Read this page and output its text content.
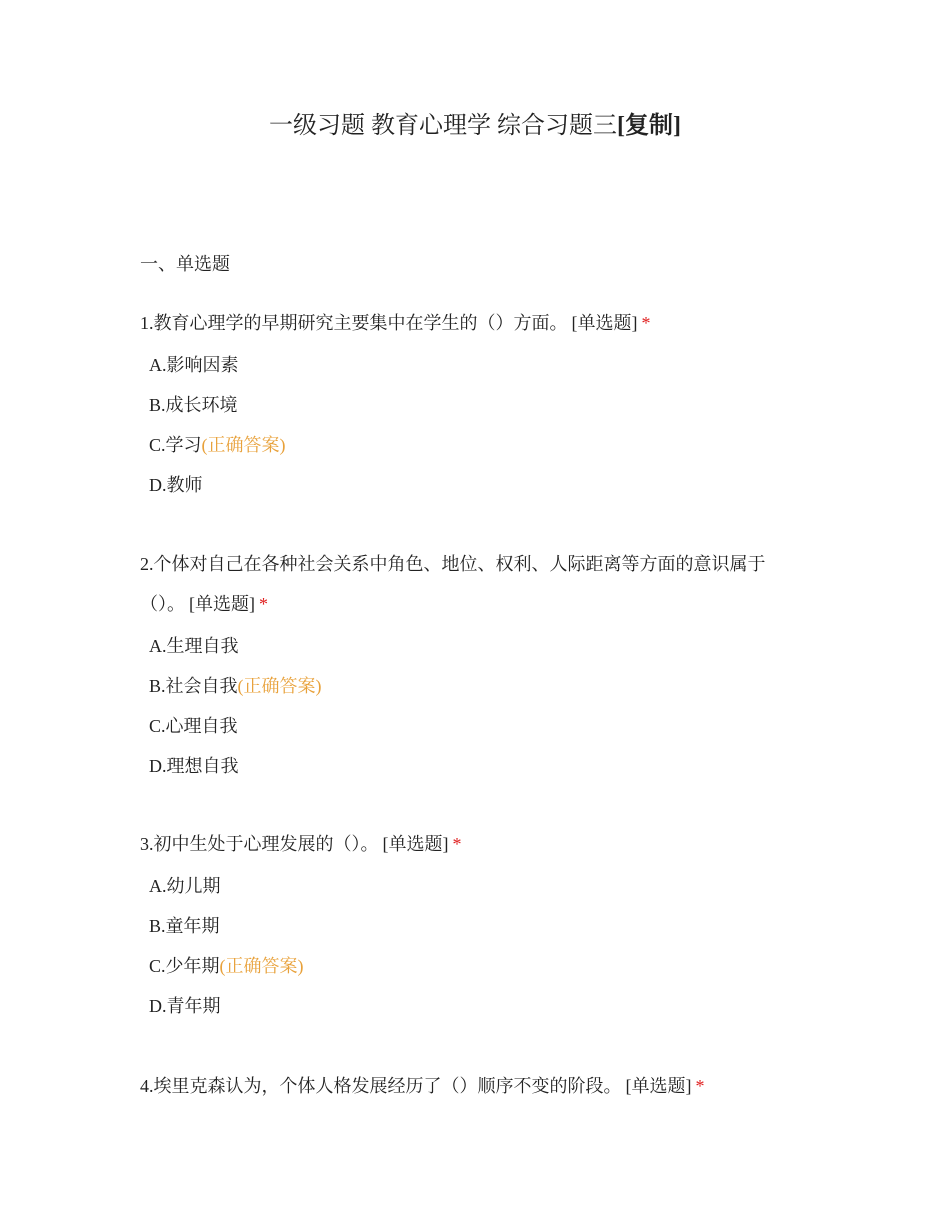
一级习题 教育心理学 综合习题三[复制]
一、单选题

1.教育心理学的早期研究主要集中在学生的（）方面。 [单选题] *

A.影响因素
B.成长环境
C.学习(正确答案)
D.教师

2.个体对自己在各种社会关系中角色、地位、权利、人际距离等方面的意识属于（）。 [单选题] *

A.生理自我
B.社会自我(正确答案)
C.心理自我
D.理想自我

3.初中生处于心理发展的（）。 [单选题] *

A.幼儿期
B.童年期
C.少年期(正确答案)
D.青年期

4.埃里克森认为，个体人格发展经历了（）顺序不变的阶段。 [单选题] *
